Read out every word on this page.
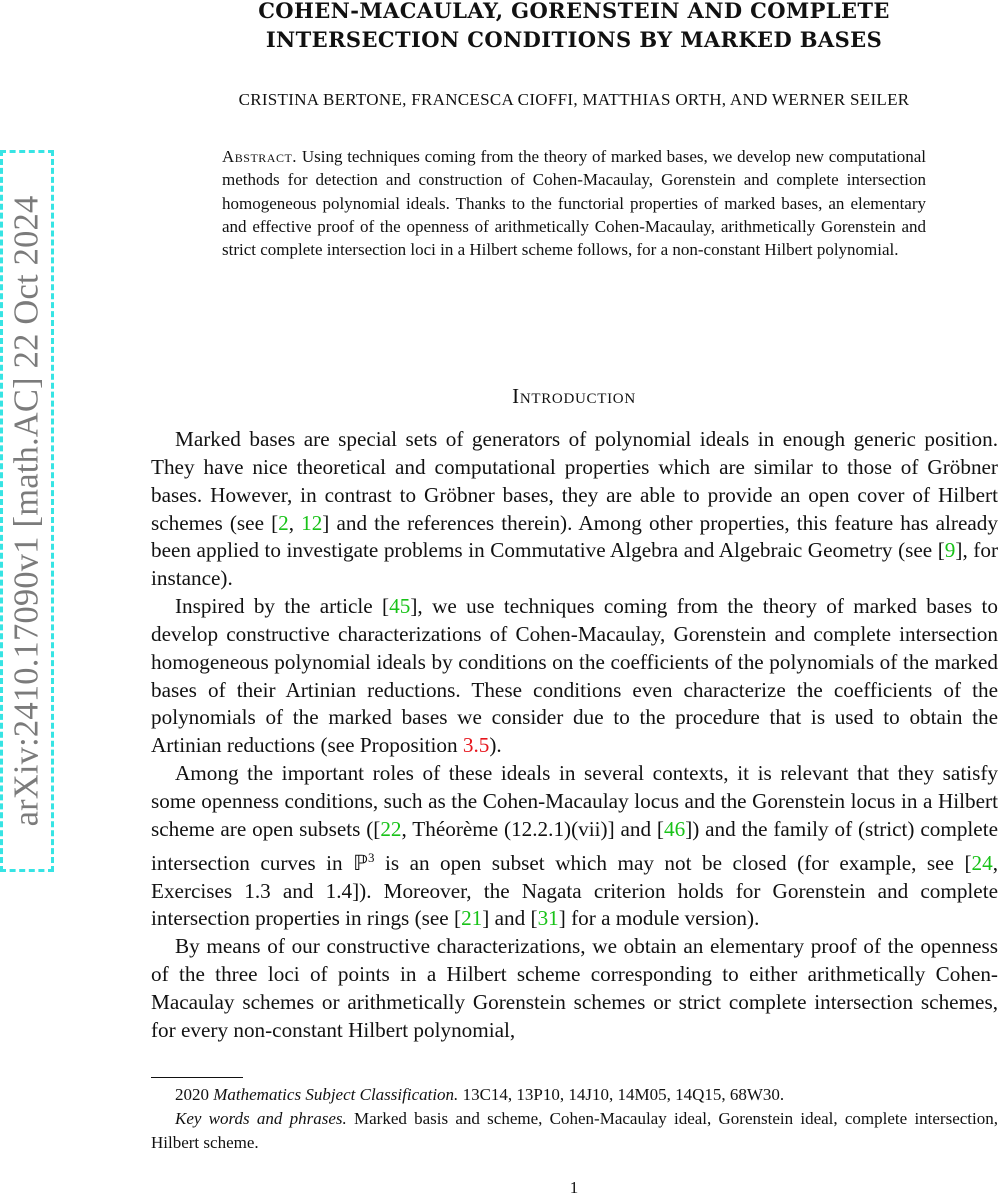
COHEN-MACAULAY, GORENSTEIN AND COMPLETE
INTERSECTION CONDITIONS BY MARKED BASES
CRISTINA BERTONE, FRANCESCA CIOFFI, MATTHIAS ORTH, AND WERNER SEILER
arXiv:2410.17090v1 [math.AC] 22 Oct 2024
Abstract. Using techniques coming from the theory of marked bases, we develop new computational methods for detection and construction of Cohen-Macaulay, Gorenstein and complete intersection homogeneous polynomial ideals. Thanks to the functorial properties of marked bases, an elementary and effective proof of the openness of arithmetically Cohen-Macaulay, arithmetically Gorenstein and strict complete intersection loci in a Hilbert scheme follows, for a non-constant Hilbert polynomial.
Introduction

Marked bases are special sets of generators of polynomial ideals in enough generic position. They have nice theoretical and computational properties which are similar to those of Gröbner bases. However, in contrast to Gröbner bases, they are able to provide an open cover of Hilbert schemes (see [2, 12] and the references therein). Among other properties, this feature has already been applied to investigate problems in Commutative Algebra and Algebraic Geometry (see [9], for instance).

Inspired by the article [45], we use techniques coming from the theory of marked bases to develop constructive characterizations of Cohen-Macaulay, Gorenstein and complete intersection homogeneous polynomial ideals by conditions on the coefficients of the polynomials of the marked bases of their Artinian reductions. These conditions even characterize the coefficients of the polynomials of the marked bases we consider due to the procedure that is used to obtain the Artinian reductions (see Proposition 3.5).

Among the important roles of these ideals in several contexts, it is relevant that they satisfy some openness conditions, such as the Cohen-Macaulay locus and the Gorenstein locus in a Hilbert scheme are open subsets ([22, Théorème (12.2.1)(vii)] and [46]) and the family of (strict) complete intersection curves in ℙ$^3$ is an open subset which may not be closed (for example, see [24, Exercises 1.3 and 1.4]). Moreover, the Nagata criterion holds for Gorenstein and complete intersection properties in rings (see [21] and [31] for a module version).

By means of our constructive characterizations, we obtain an elementary proof of the openness of the three loci of points in a Hilbert scheme corresponding to either arithmetically Cohen-Macaulay schemes or arithmetically Gorenstein schemes or strict complete intersection schemes, for every non-constant Hilbert polynomial,

2020 Mathematics Subject Classification. 13C14, 13P10, 14J10, 14M05, 14Q15, 68W30.

Key words and phrases. Marked basis and scheme, Cohen-Macaulay ideal, Gorenstein ideal, complete intersection, Hilbert scheme.

1
